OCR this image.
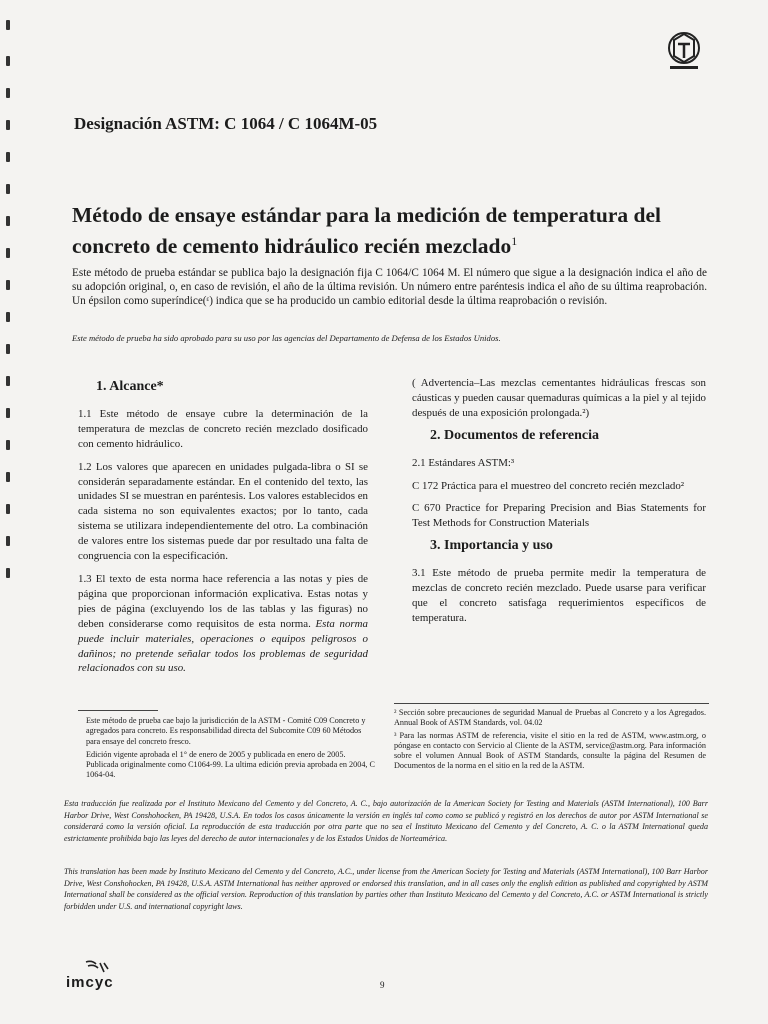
Designación ASTM: C 1064 / C 1064M-05
Método de ensaye estándar para la medición de temperatura del concreto de cemento hidráulico recién mezclado$^1$
Este método de prueba estándar se publica bajo la designación fija C 1064/C 1064 M. El número que sigue a la designación indica el año de su adopción original, o, en caso de revisión, el año de la última revisión. Un número entre paréntesis indica el año de su última reaprobación. Un épsilon como superíndice(ᵋ) indica que se ha producido un cambio editorial desde la última reaprobación o revisión.
Este método de prueba ha sido aprobado para su uso por las agencias del Departamento de Defensa de los Estados Unidos.
1. Alcance*

1.1 Este método de ensaye cubre la determinación de la temperatura de mezclas de concreto recién mezclado dosificado con cemento hidráulico.

1.2 Los valores que aparecen en unidades pulgada-libra o SI se considerán separadamente estándar. En el contenido del texto, las unidades SI se muestran en paréntesis. Los valores establecidos en cada sistema no son equivalentes exactos; por lo tanto, cada sistema se utilizara independientemente del otro. La combinación de valores entre los sistemas puede dar por resultado una falta de congruencia con la especificación.

1.3 El texto de esta norma hace referencia a las notas y pies de página que proporcionan información explicativa. Estas notas y pies de página (excluyendo los de las tablas y las figuras) no deben considerarse como requisitos de esta norma. Esta norma puede incluir materiales, operaciones o equipos peligrosos o dañinos; no pretende señalar todos los problemas de seguridad relacionados con su uso.

( Advertencia–Las mezclas cementantes hidráulicas frescas son cáusticas y pueden causar quemaduras químicas a la piel y al tejido después de una exposición prolongada.²)

2. Documentos de referencia

2.1 Estándares ASTM:³

C 172 Práctica para el muestreo del concreto recién mezclado²

C 670 Practice for Preparing Precision and Bias Statements for Test Methods for Construction Materials

3. Importancia y uso

3.1 Este método de prueba permite medir la temperatura de mezclas de concreto recién mezclado. Puede usarse para verificar que el concreto satisfaga requerimientos específicos de temperatura.

Este método de prueba cae bajo la jurisdicción de la ASTM - Comité C09 Concreto y agregados para concreto. Es responsabilidad directa del Subcomite C09 60 Métodos para ensaye del concreto fresco.

Edición vigente aprobada el 1° de enero de 2005 y publicada en enero de 2005. Publicada originalmente como C1064-99. La ultima edición previa aprobada en 2004, C 1064-04.

² Sección sobre precauciones de seguridad Manual de Pruebas al Concreto y a los Agregados. Annual Book of ASTM Standards, vol. 04.02

³ Para las normas ASTM de referencia, visite el sitio en la red de ASTM, www.astm.org, o póngase en contacto con Servicio al Cliente de la ASTM, service@astm.org. Para información sobre el volumen Annual Book of ASTM Standards, consulte la página del Resumen de Documentos de la norma en el sitio en la red de la ASTM.

Esta traducción fue realizada por el Instituto Mexicano del Cemento y del Concreto, A. C., bajo autorización de la American Society for Testing and Materials (ASTM International), 100 Barr Harbor Drive, West Conshohocken, PA 19428, U.S.A. En todos los casos únicamente la versión en inglés tal como como se publicó y registró en los derechos de autor por ASTM International se considerará como la versión oficial. La reproducción de esta traducción por otra parte que no sea el Instituto Mexicano del Cemento y del Concreto, A. C. o la ASTM International queda estrictamente prohibida bajo las leyes del derecho de autor internacionales y de los Estados Unidos de Norteamérica.
This translation has been made by Instituto Mexicano del Cemento y del Concreto, A.C., under license from the American Society for Testing and Materials (ASTM International), 100 Barr Harbor Drive, West Conshohocken, PA 19428, U.S.A. ASTM International has neither approved or endorsed this translation, and in all cases only the english edition as published and copyrighted by ASTM International shall be considered as the official version. Reproduction of this translation by parties other than Instituto Mexicano del Cemento y del Concreto, A.C. or ASTM International is strictly forbidden under U.S. and international copyright laws.
imcyc	9
